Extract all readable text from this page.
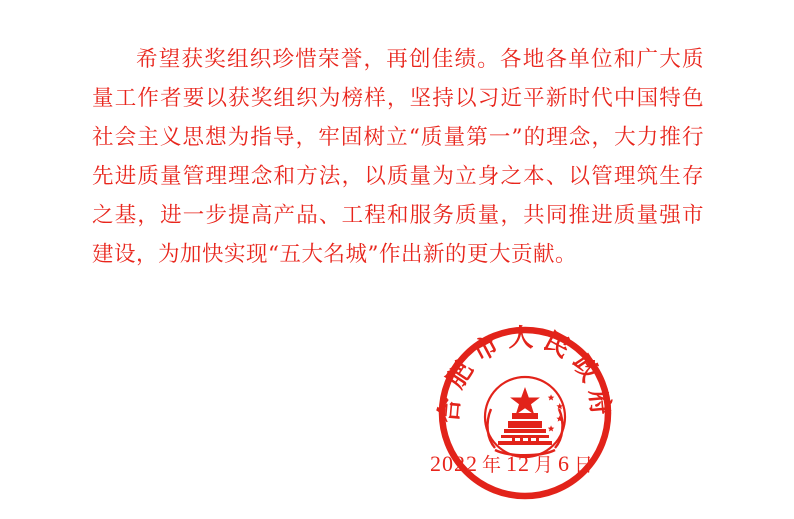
希望获奖组织珍惜荣誉，再创佳绩。各地各单位和广大质量工作者要以获奖组织为榜样，坚持以习近平新时代中国特色社会主义思想为指导，牢固树立“质量第一”的理念，大力推行先进质量管理理念和方法，以质量为立身之本、以管理筑生存之基，进一步提高产品、工程和服务质量，共同推进质量强市建设，为加快实现“五大名城”作出新的更大贡献。

合肥市人民政府
2022 年 12 月 6 日
